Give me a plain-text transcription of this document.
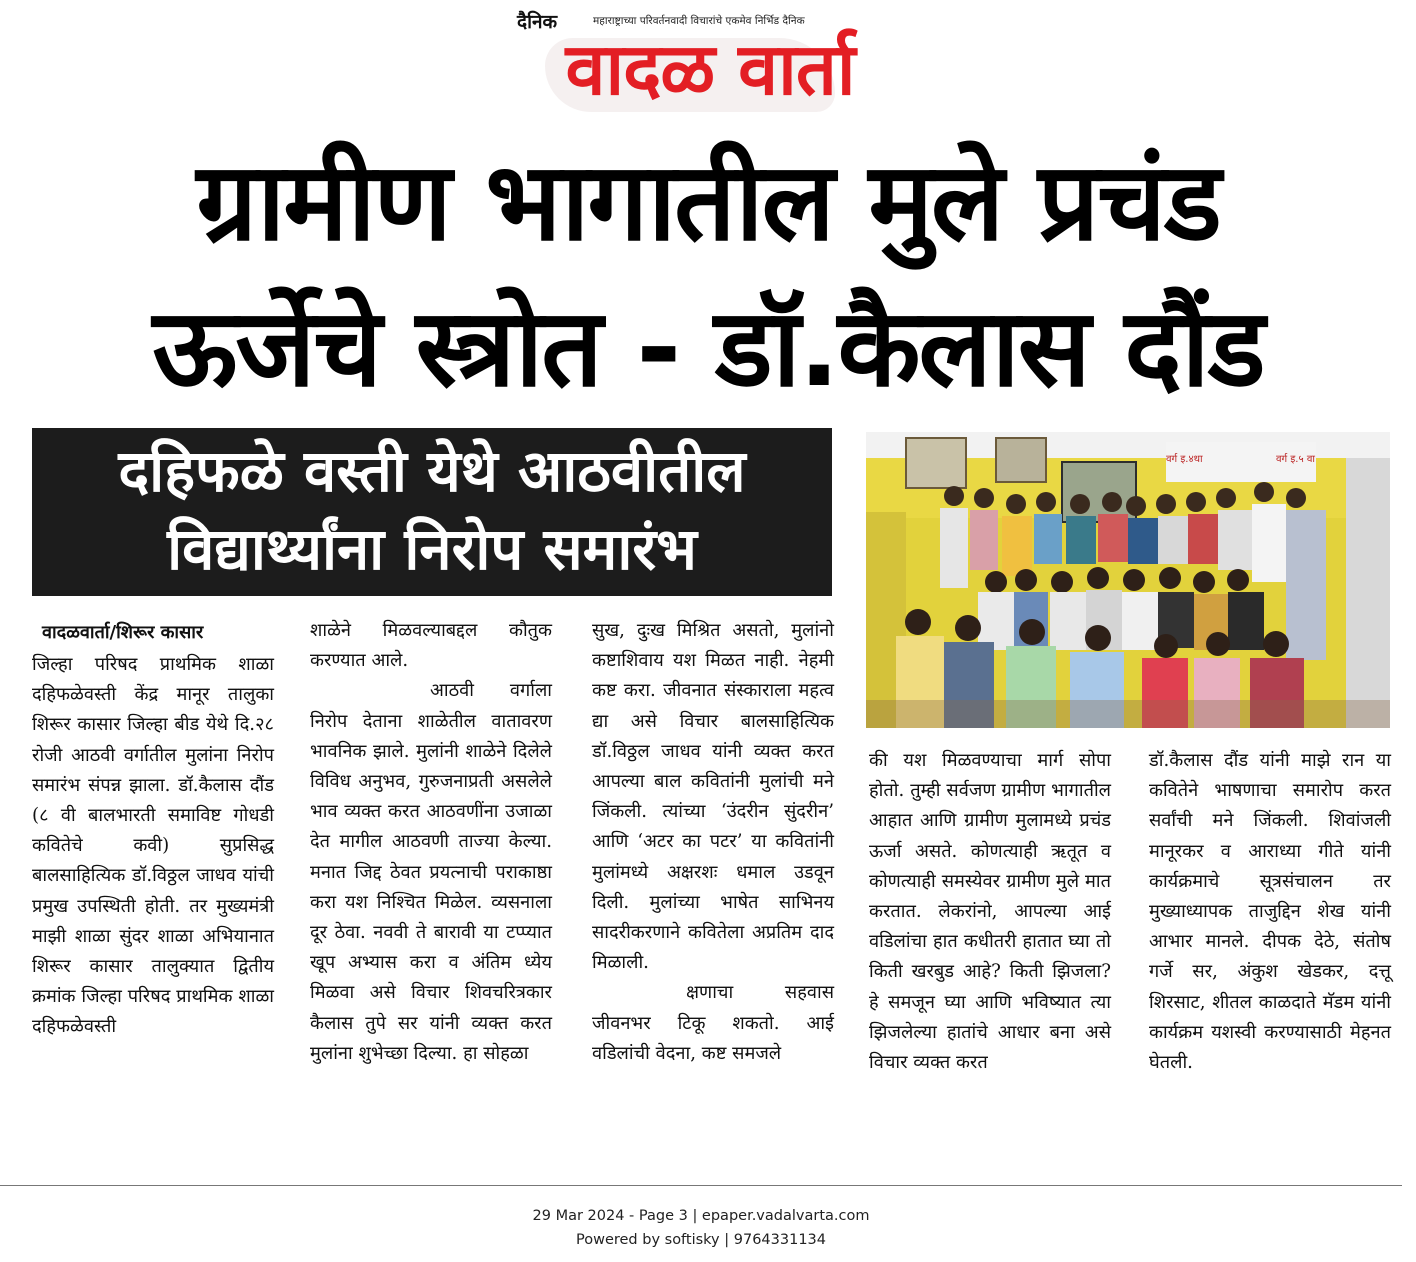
दैनिक	महाराष्ट्राच्या परिवर्तनवादी विचारांचे एकमेव निर्भिड दैनिक
वादळ वार्ता
ग्रामीण भागातील मुले प्रचंड
ऊर्जेचे स्त्रोत - डॉ.कैलास दौंड
दहिफळे वस्ती येथे आठवीतील
विद्यार्थ्यांना निरोप समारंभ
वर्ग इ.४था	वर्ग इ.५ वा
वादळवार्ता/शिरूर कासार

जिल्हा परिषद प्राथमिक शाळा दहिफळेवस्ती केंद्र मानूर तालुका शिरूर कासार जिल्हा बीड येथे दि.२८ रोजी आठवी वर्गातील मुलांना निरोप समारंभ संपन्न झाला. डॉ.कैलास दौंड (८ वी बालभारती समाविष्ट गोधडी कवितेचे कवी) सुप्रसिद्ध बालसाहित्यिक डॉ.विठ्ठल जाधव यांची प्रमुख उपस्थिती होती. तर मुख्यमंत्री माझी शाळा सुंदर शाळा अभियानात शिरूर कासार तालुक्यात द्वितीय क्रमांक जिल्हा परिषद प्राथमिक शाळा दहिफळेवस्ती

शाळेने मिळवल्याबद्दल कौतुक करण्यात आले.

आठवी वर्गाला निरोप देताना शाळेतील वातावरण भावनिक झाले. मुलांनी शाळेने दिलेले विविध अनुभव, गुरुजनाप्रती असलेले भाव व्यक्त करत आठवणींना उजाळा देत मागील आठवणी ताज्या केल्या. मनात जिद्द ठेवत प्रयत्नाची पराकाष्ठा करा यश निश्चित मिळेल. व्यसनाला दूर ठेवा. नववी ते बारावी या टप्प्यात खूप अभ्यास करा व अंतिम ध्येय मिळवा असे विचार शिवचरित्रकार कैलास तुपे सर यांनी व्यक्त करत मुलांना शुभेच्छा दिल्या. हा सोहळा

सुख, दुःख मिश्रित असतो, मुलांनो कष्टाशिवाय यश मिळत नाही. नेहमी कष्ट करा. जीवनात संस्काराला महत्व द्या असे विचार बालसाहित्यिक डॉ.विठ्ठल जाधव यांनी व्यक्त करत आपल्या बाल कवितांनी मुलांची मने जिंकली. त्यांच्या ‘उंदरीन सुंदरीन’ आणि ‘अटर का पटर’ या कवितांनी मुलांमध्ये अक्षरशः धमाल उडवून दिली. मुलांच्या भाषेत साभिनय सादरीकरणाने कवितेला अप्रतिम दाद मिळाली.

क्षणाचा सहवास जीवनभर टिकू शकतो. आई वडिलांची वेदना, कष्ट समजले

की यश मिळवण्याचा मार्ग सोपा होतो. तुम्ही सर्वजण ग्रामीण भागातील आहात आणि ग्रामीण मुलामध्ये प्रचंड ऊर्जा असते. कोणत्याही ऋतूत व कोणत्याही समस्येवर ग्रामीण मुले मात करतात. लेकरांनो, आपल्या आई वडिलांचा हात कधीतरी हातात घ्या तो किती खरबुड आहे? किती झिजला? हे समजून घ्या आणि भविष्यात त्या झिजलेल्या हातांचे आधार बना असे विचार व्यक्त करत

डॉ.कैलास दौंड यांनी माझे रान या कवितेने भाषणाचा समारोप करत सर्वांची मने जिंकली. शिवांजली मानूरकर व आराध्या गीते यांनी कार्यक्रमाचे सूत्रसंचालन तर मुख्याध्यापक ताजुद्दिन शेख यांनी आभार मानले. दीपक देठे, संतोष गर्जे सर, अंकुश खेडकर, दत्तू शिरसाट, शीतल काळदाते मॅडम यांनी कार्यक्रम यशस्वी करण्यासाठी मेहनत घेतली.

29 Mar 2024 - Page 3 | epaper.vadalvarta.com
Powered by softisky | 9764331134
